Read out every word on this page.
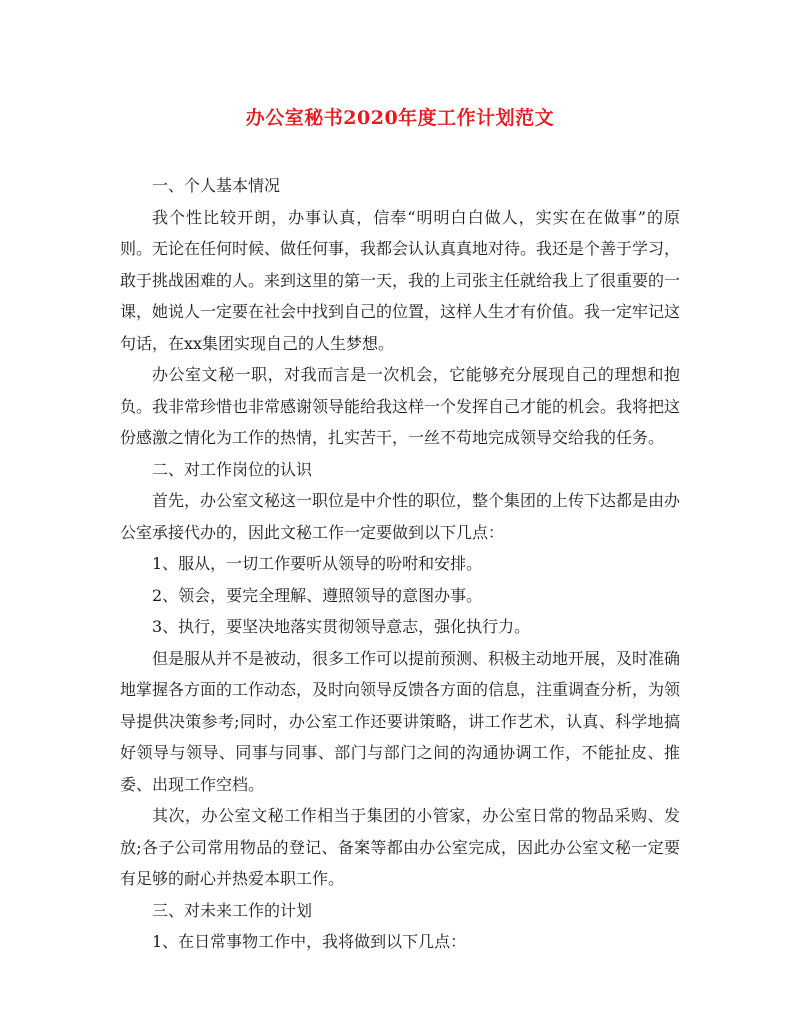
办公室秘书2020年度工作计划范文

一、个人基本情况

我个性比较开朗，办事认真，信奉“明明白白做人，实实在在做事”的原则。无论在任何时候、做任何事，我都会认认真真地对待。我还是个善于学习，敢于挑战困难的人。来到这里的第一天，我的上司张主任就给我上了很重要的一课，她说人一定要在社会中找到自己的位置，这样人生才有价值。我一定牢记这句话，在xx集团实现自己的人生梦想。

办公室文秘一职，对我而言是一次机会，它能够充分展现自己的理想和抱负。我非常珍惜也非常感谢领导能给我这样一个发挥自己才能的机会。我将把这份感激之情化为工作的热情，扎实苦干，一丝不苟地完成领导交给我的任务。

二、对工作岗位的认识

首先，办公室文秘这一职位是中介性的职位，整个集团的上传下达都是由办公室承接代办的，因此文秘工作一定要做到以下几点：

1、服从，一切工作要听从领导的吩咐和安排。

2、领会，要完全理解、遵照领导的意图办事。

3、执行，要坚决地落实贯彻领导意志，强化执行力。

但是服从并不是被动，很多工作可以提前预测、积极主动地开展，及时准确地掌握各方面的工作动态，及时向领导反馈各方面的信息，注重调查分析，为领导提供决策参考;同时，办公室工作还要讲策略，讲工作艺术，认真、科学地搞好领导与领导、同事与同事、部门与部门之间的沟通协调工作，不能扯皮、推委、出现工作空档。

其次，办公室文秘工作相当于集团的小管家，办公室日常的物品采购、发放;各子公司常用物品的登记、备案等都由办公室完成，因此办公室文秘一定要有足够的耐心并热爱本职工作。

三、对未来工作的计划

1、在日常事物工作中，我将做到以下几点：
